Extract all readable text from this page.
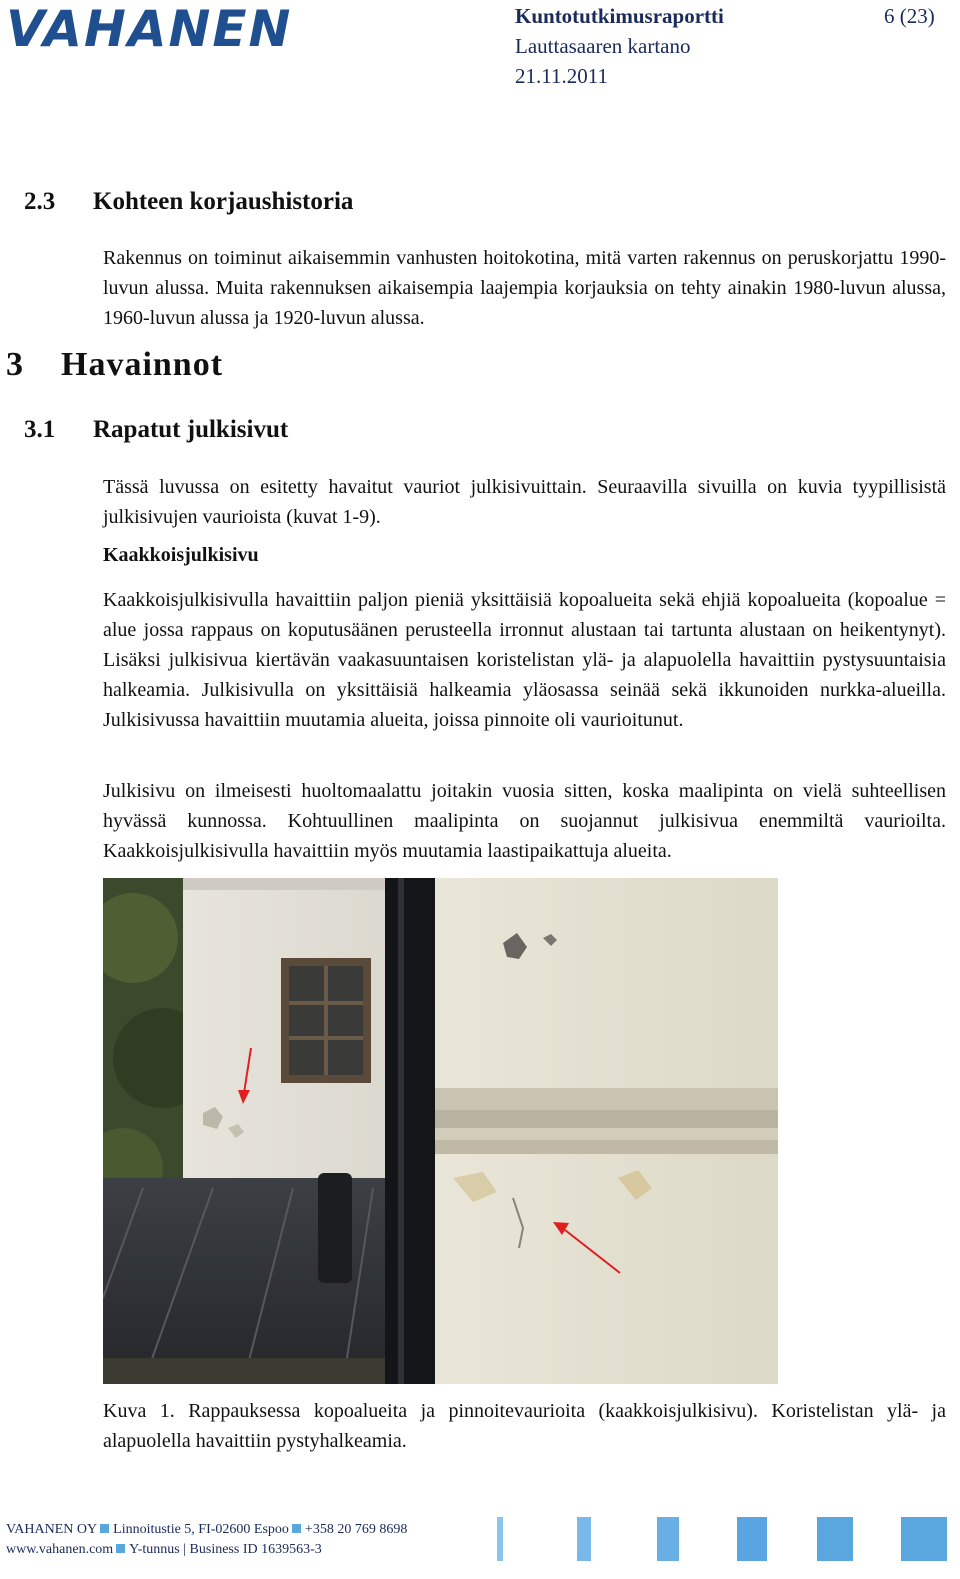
VAHANEN	Kuntotutkimusraportti
Lauttasaaren kartano
21.11.2011
6 (23)
2.3 Kohteen korjaushistoria

Rakennus on toiminut aikaisemmin vanhusten hoitokotina, mitä varten rakennus on peruskorjattu 1990-luvun alussa. Muita rakennuksen aikaisempia laajempia korjauksia on tehty ainakin 1980-luvun alussa, 1960-luvun alussa ja 1920-luvun alussa.

3 Havainnot
3.1 Rapatut julkisivut

Tässä luvussa on esitetty havaitut vauriot julkisivuittain. Seuraavilla sivuilla on kuvia tyypillisistä julkisivujen vaurioista (kuvat 1-9).

Kaakkoisjulkisivu

Kaakkoisjulkisivulla havaittiin paljon pieniä yksittäisiä kopoalueita sekä ehjiä kopoalueita (kopoalue = alue jossa rappaus on koputusäänen perusteella irronnut alustaan tai tartunta alustaan on heikentynyt). Lisäksi julkisivua kiertävän vaakasuuntaisen koristelistan ylä- ja alapuolella havaittiin pystysuuntaisia halkeamia. Julkisivulla on yksittäisiä halkeamia yläosassa seinää sekä ikkunoiden nurkka-alueilla. Julkisivussa havaittiin muutamia alueita, joissa pinnoite oli vaurioitunut.

Julkisivu on ilmeisesti huoltomaalattu joitakin vuosia sitten, koska maalipinta on vielä suhteellisen hyvässä kunnossa. Kohtuullinen maalipinta on suojannut julkisivua enemmiltä vaurioilta. Kaakkoisjulkisivulla havaittiin myös muutamia laastipaikattuja alueita.

Kuva 1. Rappauksessa kopoalueita ja pinnoitevaurioita (kaakkoisjulkisivu). Koristelistan ylä- ja alapuolella havaittiin pystyhalkeamia.

VAHANEN OY Linnoitustie 5, FI-02600 Espoo +358 20 769 8698
www.vahanen.com Y-tunnus | Business ID 1639563-3
